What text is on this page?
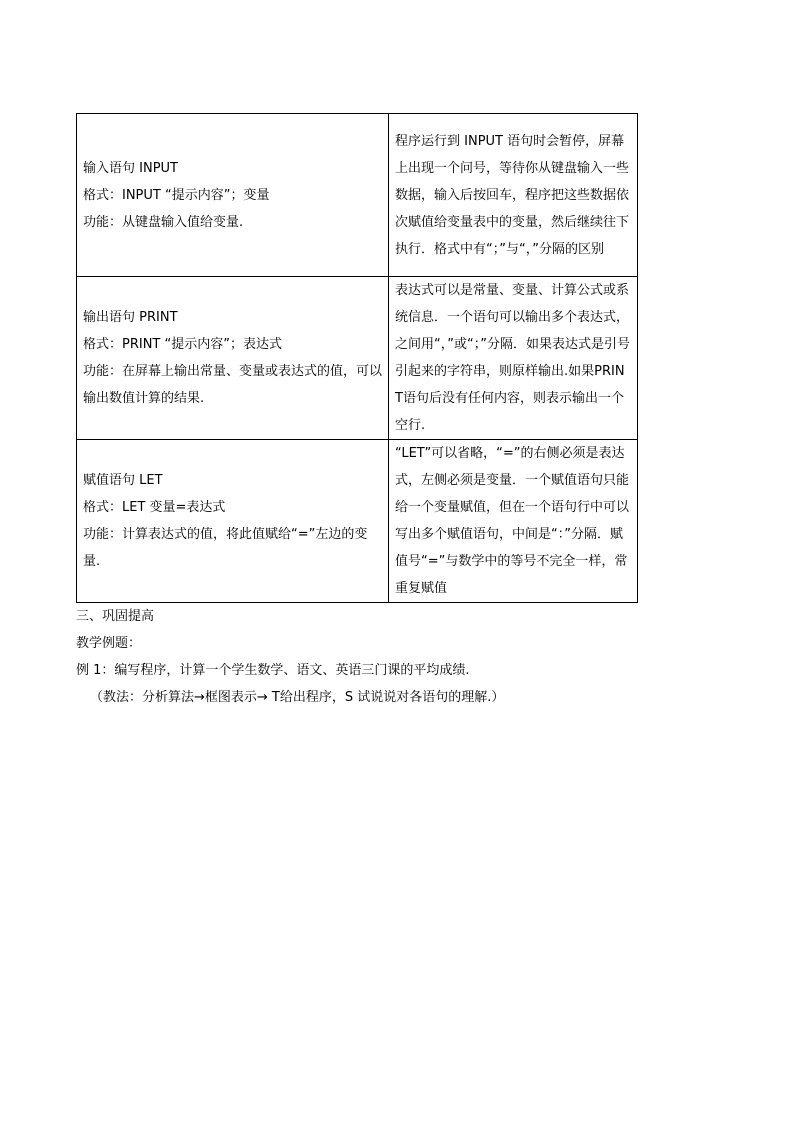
输入语句 INPUT
格式：INPUT “提示内容”；变量
功能：从键盘输入值给变量.	程序运行到 INPUT 语句时会暂停，屏幕上出现一个问号，等待你从键盘输入一些数据，输入后按回车，程序把这些数据依次赋值给变量表中的变量，然后继续往下执行．格式中有“；”与“，”分隔的区别

输出语句 PRINT
格式：PRINT “提示内容”；表达式
功能：在屏幕上输出常量、变量或表达式的值，可以输出数值计算的结果.	表达式可以是常量、变量、计算公式或系统信息．一个语句可以输出多个表达式，之间用“，”或“；”分隔．如果表达式是引号引起来的字符串，则原样输出.如果PRINT语句后没有任何内容，则表示输出一个空行.

赋值语句 LET
格式：LET 变量=表达式
功能：计算表达式的值，将此值赋给“=”左边的变量.	“LET”可以省略，“=”的右侧必须是表达式，左侧必须是变量．一个赋值语句只能给一个变量赋值，但在一个语句行中可以写出多个赋值语句，中间是“：”分隔．赋值号“=”与数学中的等号不完全一样，常重复赋值
三、巩固提高
教学例题：
例 1：编写程序，计算一个学生数学、语文、英语三门课的平均成绩.
（教法：分析算法→框图表示→ T给出程序，S 试说说对各语句的理解.）
